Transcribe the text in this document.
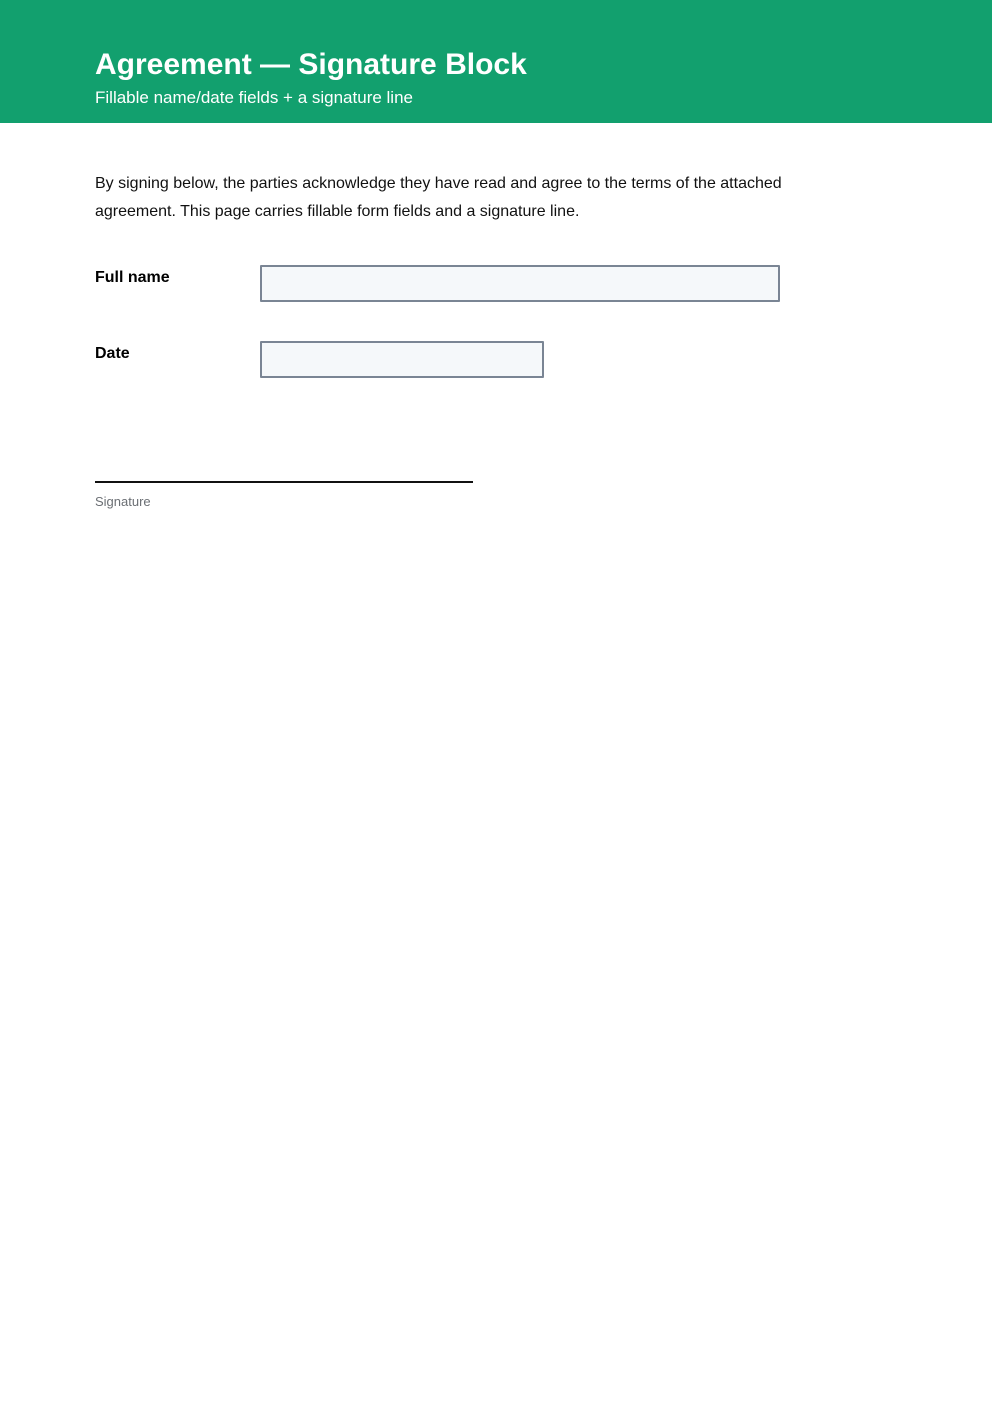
Agreement — Signature Block

Fillable name/date fields + a signature line

By signing below, the parties acknowledge they have read and agree to the terms of the attached agreement. This page carries fillable form fields and a signature line.

Full name
Date
Signature
